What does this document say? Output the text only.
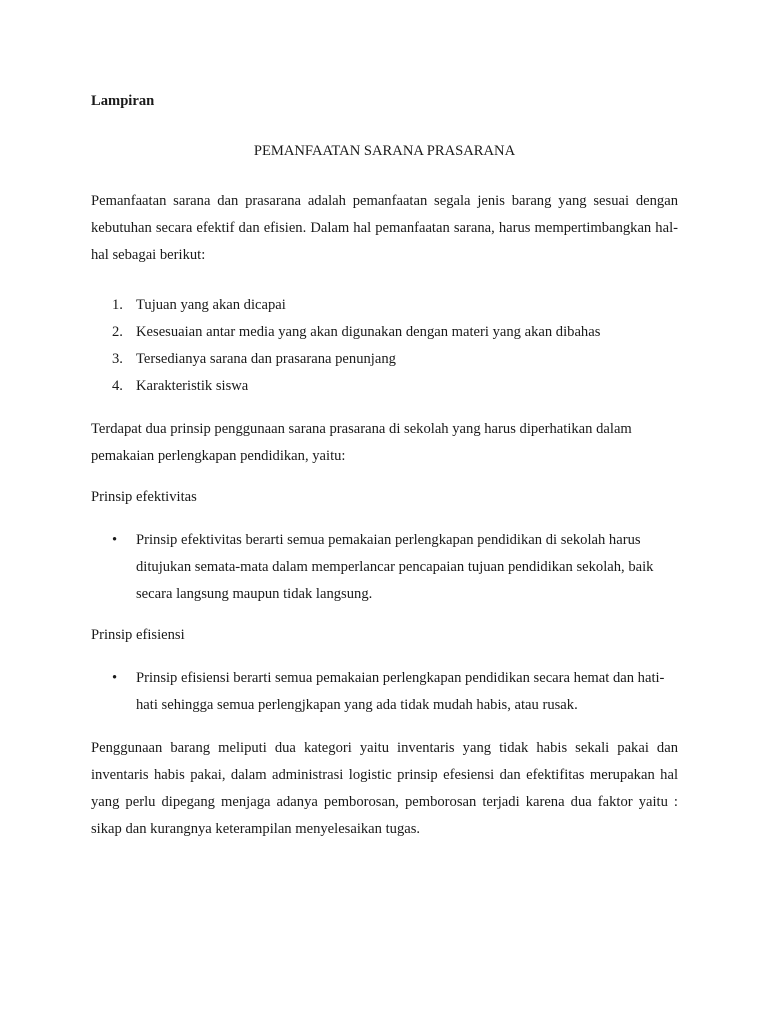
Lampiran

PEMANFAATAN SARANA PRASARANA

Pemanfaatan sarana dan prasarana adalah pemanfaatan segala jenis barang yang sesuai dengan kebutuhan secara efektif dan efisien. Dalam hal pemanfaatan sarana, harus mempertimbangkan hal-hal sebagai berikut:

1. Tujuan yang akan dicapai
2. Kesesuaian antar media yang akan digunakan dengan materi yang akan dibahas
3. Tersedianya sarana dan prasarana penunjang
4. Karakteristik siswa

Terdapat dua prinsip penggunaan sarana prasarana di sekolah yang harus diperhatikan dalam pemakaian perlengkapan pendidikan, yaitu:

Prinsip efektivitas

• Prinsip efektivitas berarti semua pemakaian perlengkapan pendidikan di sekolah harus ditujukan semata-mata dalam memperlancar pencapaian tujuan pendidikan sekolah, baik secara langsung maupun tidak langsung.

Prinsip efisiensi

• Prinsip efisiensi berarti semua pemakaian perlengkapan pendidikan secara hemat dan hati-hati sehingga semua perlengjkapan yang ada tidak mudah habis, atau rusak.

Penggunaan barang meliputi dua kategori yaitu inventaris yang tidak habis sekali pakai dan inventaris habis pakai, dalam administrasi logistic prinsip efesiensi dan efektifitas merupakan hal yang perlu dipegang menjaga adanya pemborosan, pemborosan terjadi karena dua faktor yaitu : sikap dan kurangnya keterampilan menyelesaikan tugas.
